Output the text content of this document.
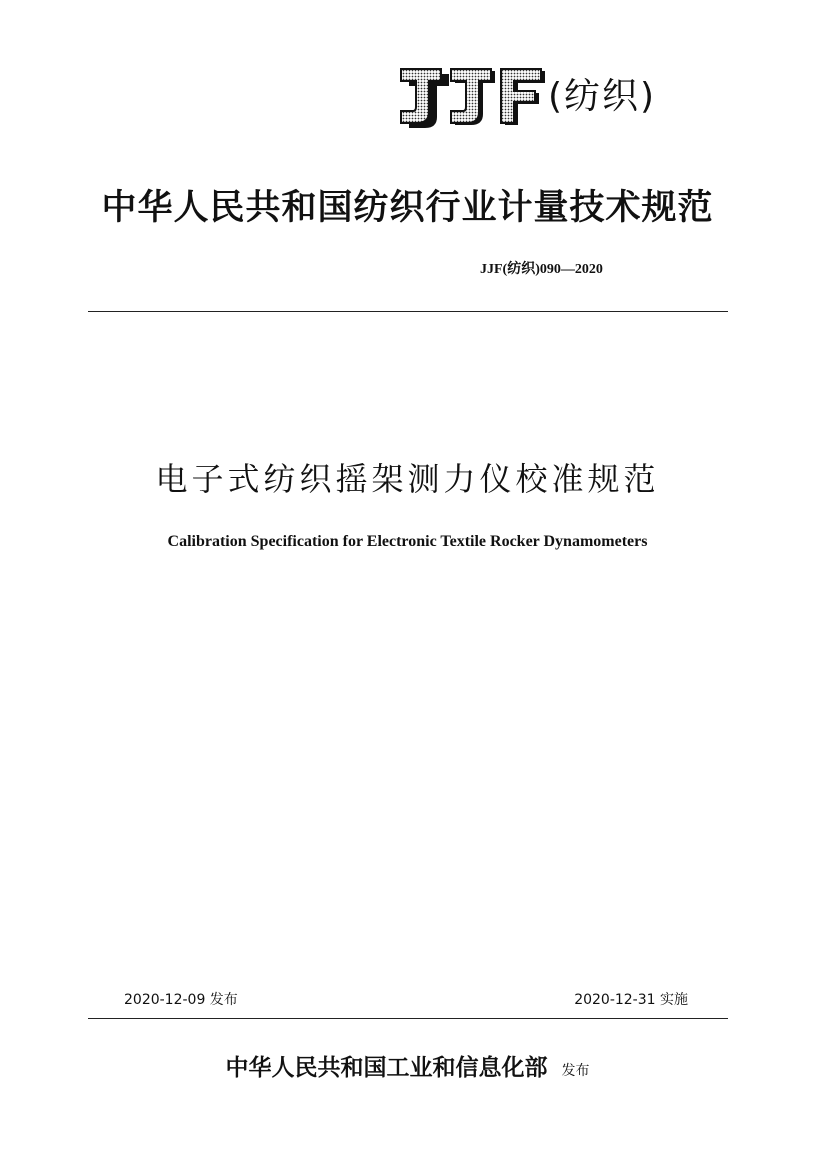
(纺织)
中华人民共和国纺织行业计量技术规范
JJF(纺织)090—2020
电子式纺织摇架测力仪校准规范
Calibration Specification for Electronic Textile Rocker Dynamometers
2020-12-09 发布	2020-12-31 实施
中华人民共和国工业和信息化部 发布
